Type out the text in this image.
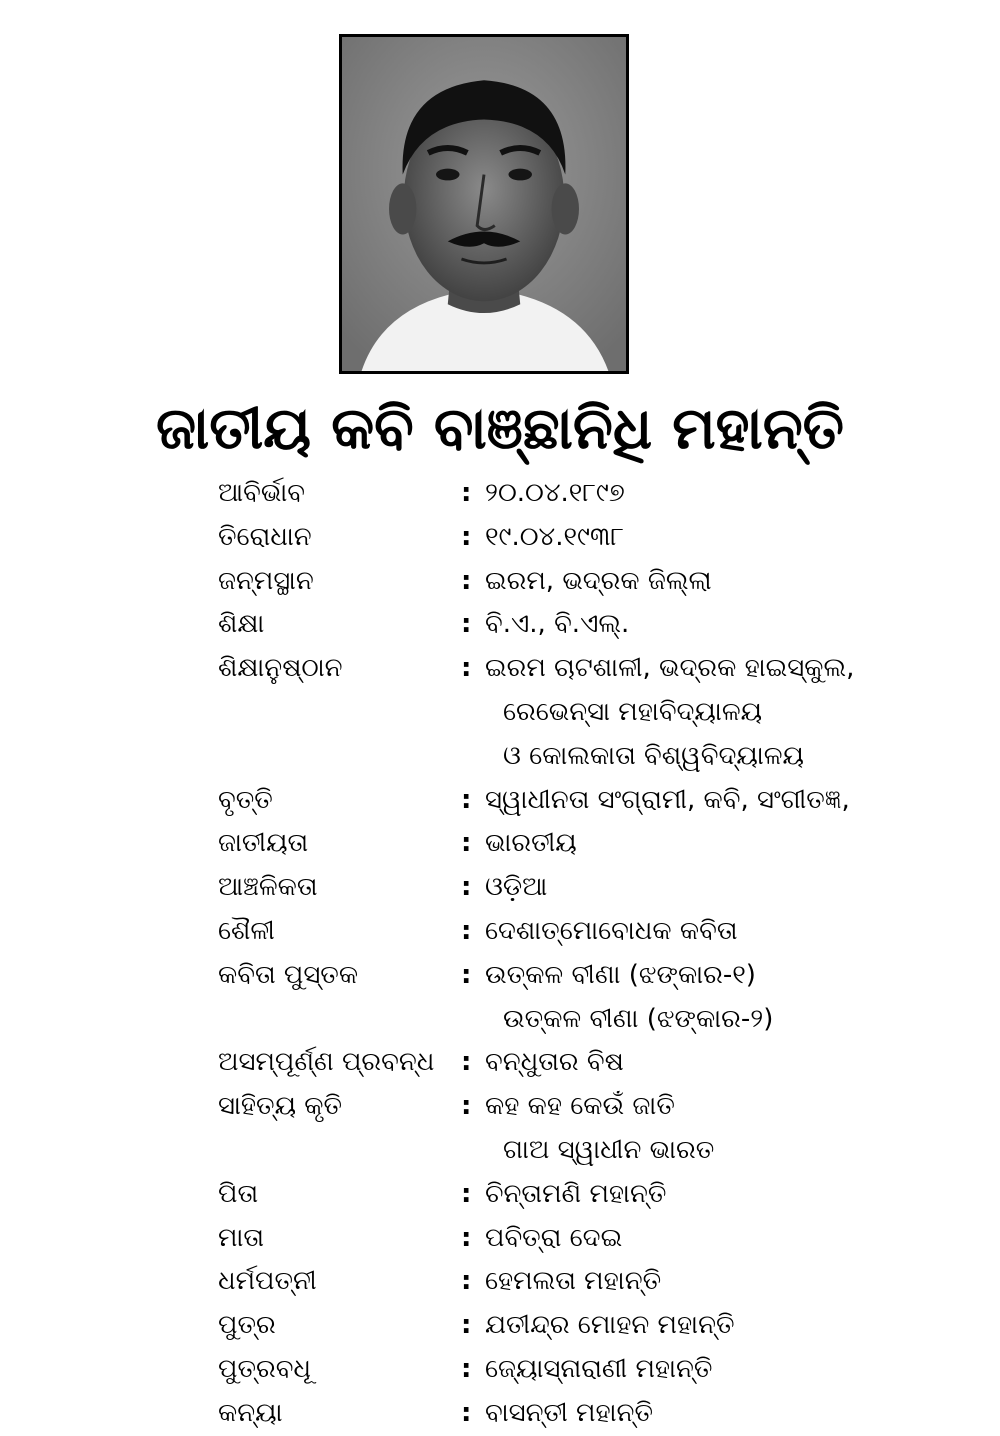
ଜାତୀୟ କବି ବାଞ୍ଛାନିଧି ମହାନ୍ତି
ଆବିର୍ଭାବ	: ୨୦.୦୪.୧୮୯୭
ତିରୋଧାନ	: ୧୯.୦୪.୧୯୩୮
ଜନ୍ମସ୍ଥାନ	: ଇରମ, ଭଦ୍ରକ ଜିଲ୍ଲା
ଶିକ୍ଷା	: ବି.ଏ., ବି.ଏଲ୍.
ଶିକ୍ଷାନୁଷ୍ଠାନ	: ଇରମ ଚାଟଶାଳୀ, ଭଦ୍ରକ ହାଇସ୍କୁଲ,
ରେଭେନ୍‌ସା ମହାବିଦ୍ୟାଳୟ
ଓ କୋଲକାତା ବିଶ୍ୱବିଦ୍ୟାଳୟ
ବୃତ୍ତି	: ସ୍ୱାଧୀନତା ସଂଗ୍ରାମୀ, କବି, ସଂଗୀତଜ୍ଞ,
ଜାତୀୟତା	: ଭାରତୀୟ
ଆଞ୍ଚଳିକତା	: ଓଡ଼ିଆ
ଶୈଳୀ	: ଦେଶାତ୍ମୋବୋଧକ କବିତା
କବିତା ପୁସ୍ତକ	: ଉତ୍କଳ ବୀଣା (ଝଙ୍କାର-୧)
ଉତ୍କଳ ବୀଣା (ଝଙ୍କାର-୨)
ଅସମ୍ପୂର୍ଣ୍ଣ ପ୍ରବନ୍ଧ	: ବନ୍ଧୁତାର ବିଷ
ସାହିତ୍ୟ କୃତି	: କହ କହ କେଉଁ ଜାତି
ଗାଅ ସ୍ୱାଧୀନ ଭାରତ
ପିତା	: ଚିନ୍ତାମଣି ମହାନ୍ତି
ମାତା	: ପବିତ୍ରା ଦେଇ
ଧର୍ମପତ୍ନୀ	: ହେମଲତା ମହାନ୍ତି
ପୁତ୍ର	: ଯତୀନ୍ଦ୍ର ମୋହନ ମହାନ୍ତି
ପୁତ୍ରବଧୂ	: ଜ୍ୟୋସ୍ନାରାଣୀ ମହାନ୍ତି
କନ୍ୟା	: ବାସନ୍ତୀ ମହାନ୍ତି
